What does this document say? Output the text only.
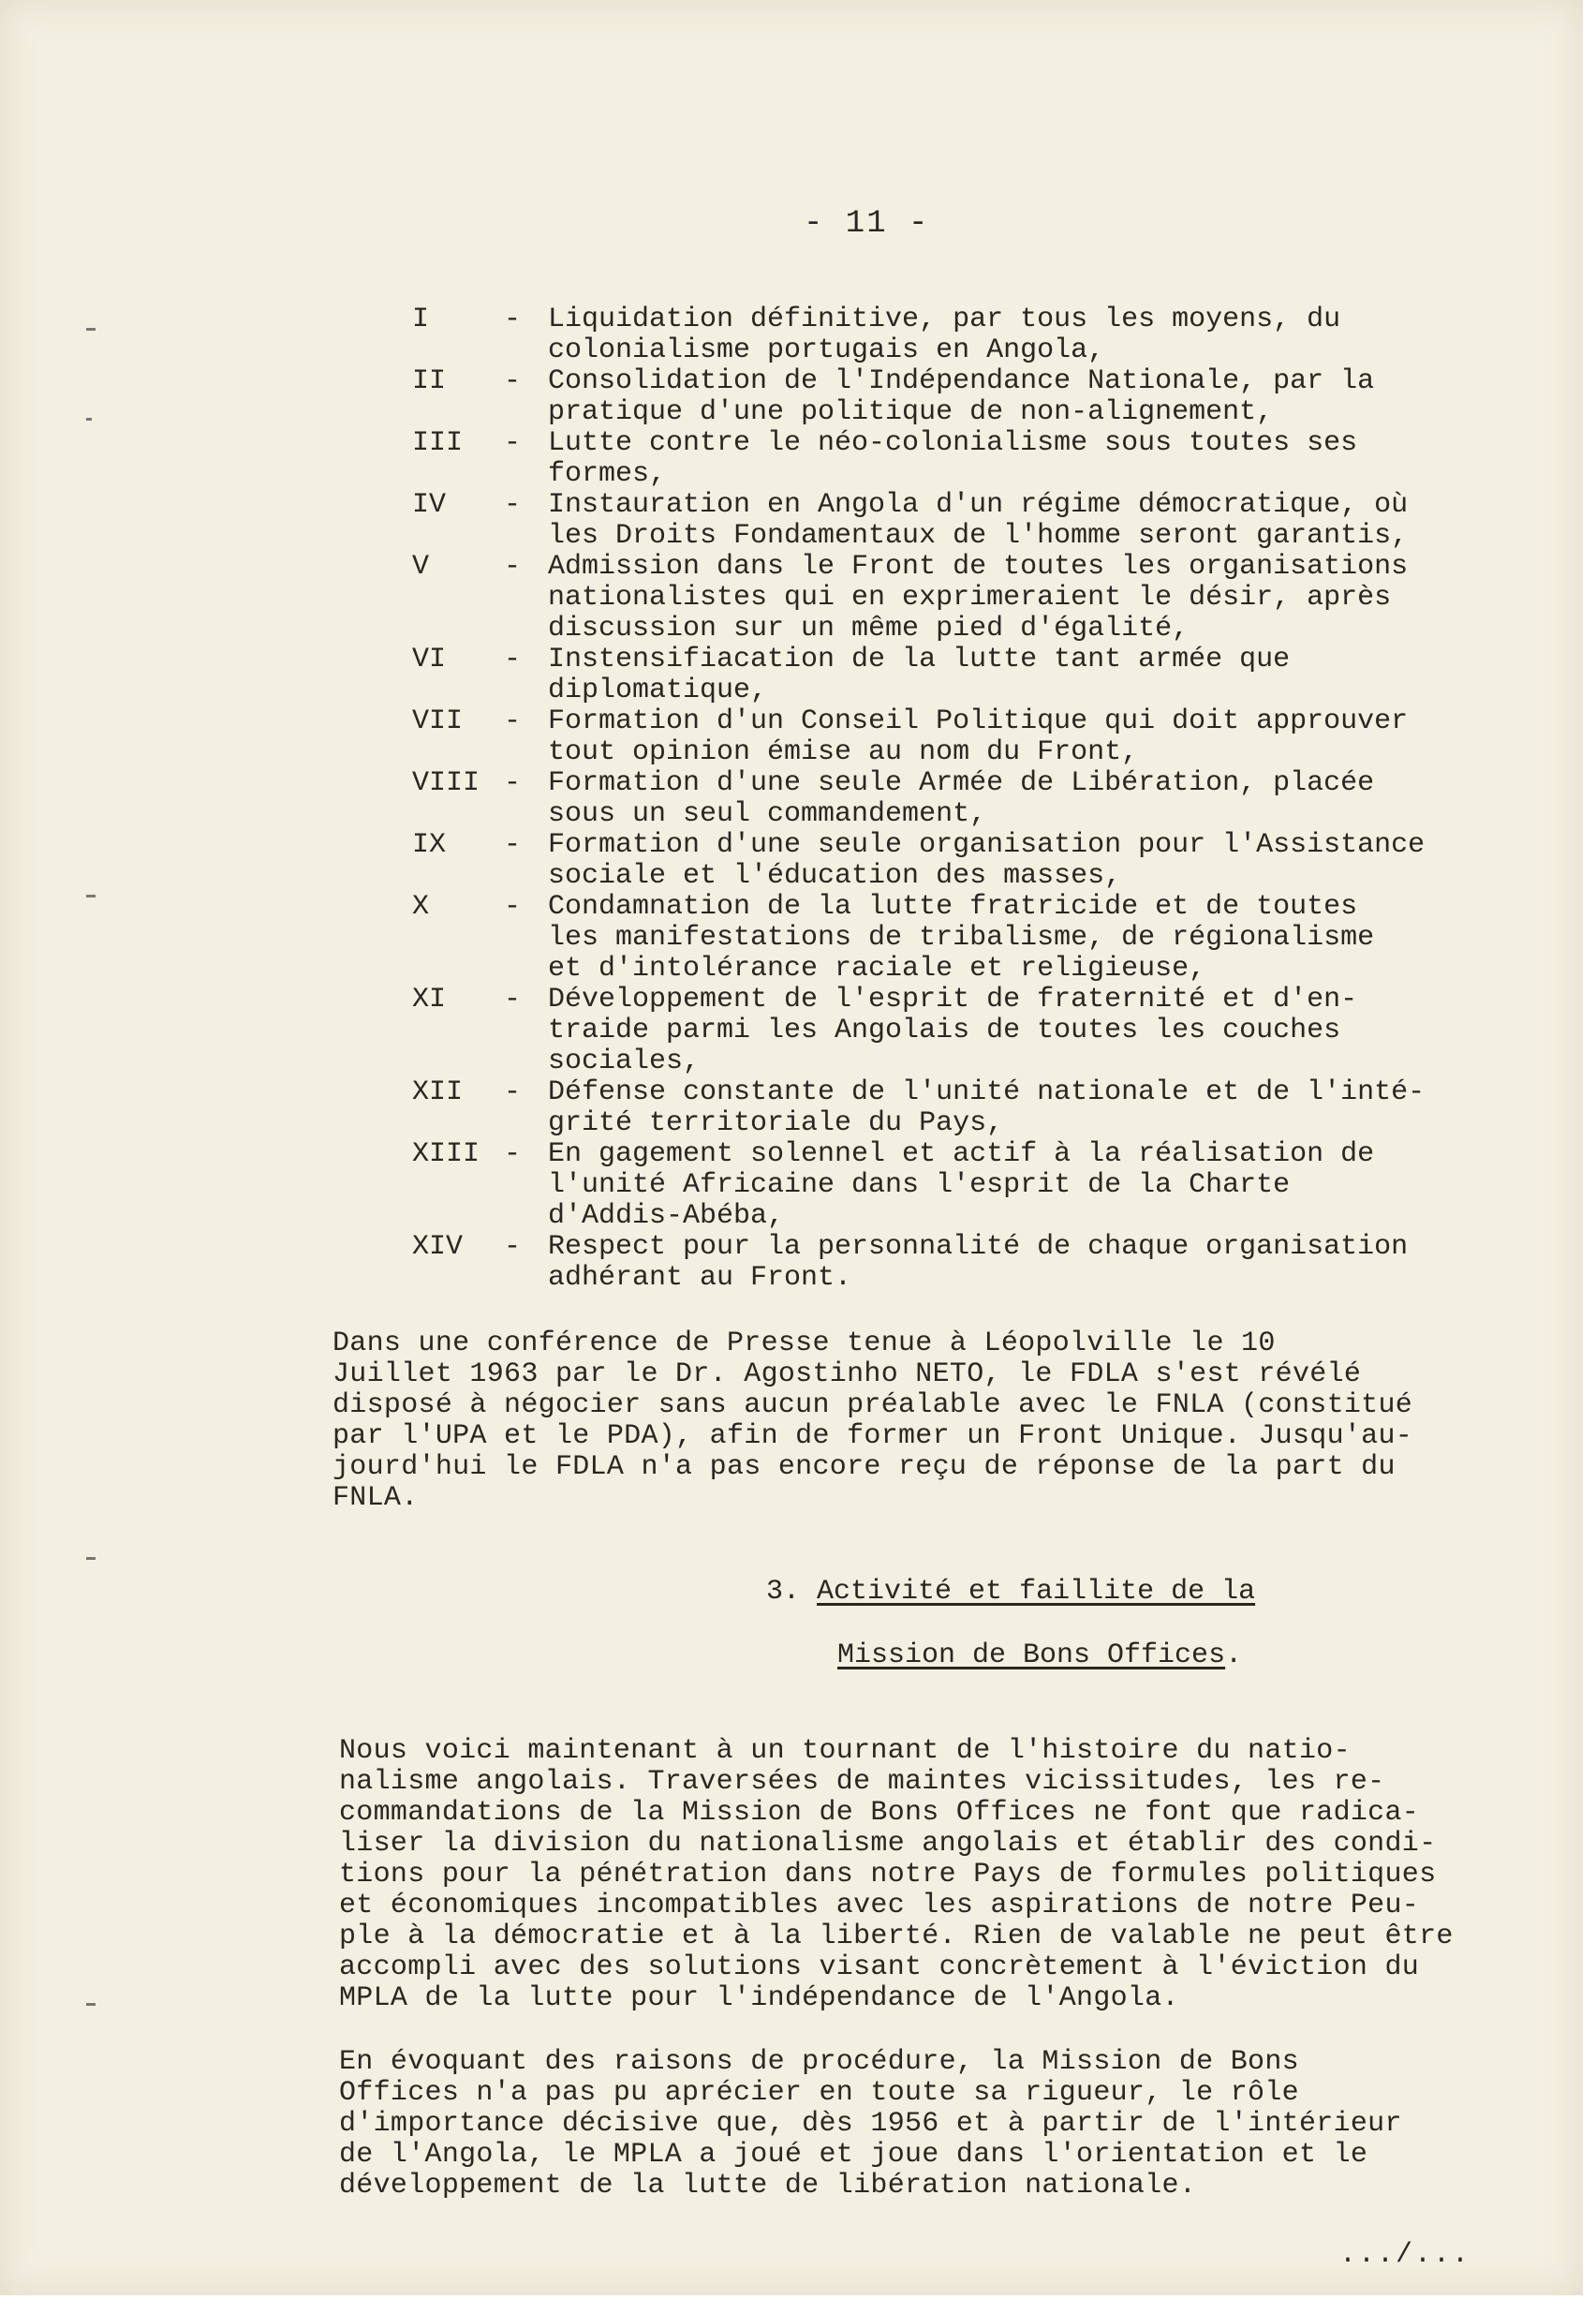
- 11 -
I	- Liquidation définitive, par tous les moyens, du
colonialisme portugais en Angola,
II	- Consolidation de l'Indépendance Nationale, par la
pratique d'une politique de non-alignement,
III	- Lutte contre le néo-colonialisme sous toutes ses
formes,
IV	- Instauration en Angola d'un régime démocratique, où
les Droits Fondamentaux de l'homme seront garantis,
V	- Admission dans le Front de toutes les organisations
nationalistes qui en exprimeraient le désir, après
discussion sur un même pied d'égalité,
VI	- Instensifiacation de la lutte tant armée que
diplomatique,
VII	- Formation d'un Conseil Politique qui doit approuver
tout opinion émise au nom du Front,
VIII - Formation d'une seule Armée de Libération, placée
sous un seul commandement,
IX	- Formation d'une seule organisation pour l'Assistance
sociale et l'éducation des masses,
X	- Condamnation de la lutte fratricide et de toutes
les manifestations de tribalisme, de régionalisme
et d'intolérance raciale et religieuse,
XI	- Développement de l'esprit de fraternité et d'en-
traide parmi les Angolais de toutes les couches
sociales,
XII	- Défense constante de l'unité nationale et de l'inté-
grité territoriale du Pays,
XIII - En gagement solennel et actif à la réalisation de
l'unité Africaine dans l'esprit de la Charte
d'Addis-Abéba,
XIV	- Respect pour la personnalité de chaque organisation
adhérant au Front.
Dans une conférence de Presse tenue à Léopolville le 10
Juillet 1963 par le Dr. Agostinho NETO, le FDLA s'est révélé
disposé à négocier sans aucun préalable avec le FNLA (constitué
par l'UPA et le PDA), afin de former un Front Unique. Jusqu'au-
jourd'hui le FDLA n'a pas encore reçu de réponse de la part du
FNLA.
3. Activité et faillite de la
Mission de Bons Offices.
Nous voici maintenant à un tournant de l'histoire du natio-
nalisme angolais. Traversées de maintes vicissitudes, les re-
commandations de la Mission de Bons Offices ne font que radica-
liser la division du nationalisme angolais et établir des condi-
tions pour la pénétration dans notre Pays de formules politiques
et économiques incompatibles avec les aspirations de notre Peu-
ple à la démocratie et à la liberté. Rien de valable ne peut être
accompli avec des solutions visant concrètement à l'éviction du
MPLA de la lutte pour l'indépendance de l'Angola.
En évoquant des raisons de procédure, la Mission de Bons
Offices n'a pas pu aprécier en toute sa rigueur, le rôle
d'importance décisive que, dès 1956 et à partir de l'intérieur
de l'Angola, le MPLA a joué et joue dans l'orientation et le
développement de la lutte de libération nationale.
.../...
